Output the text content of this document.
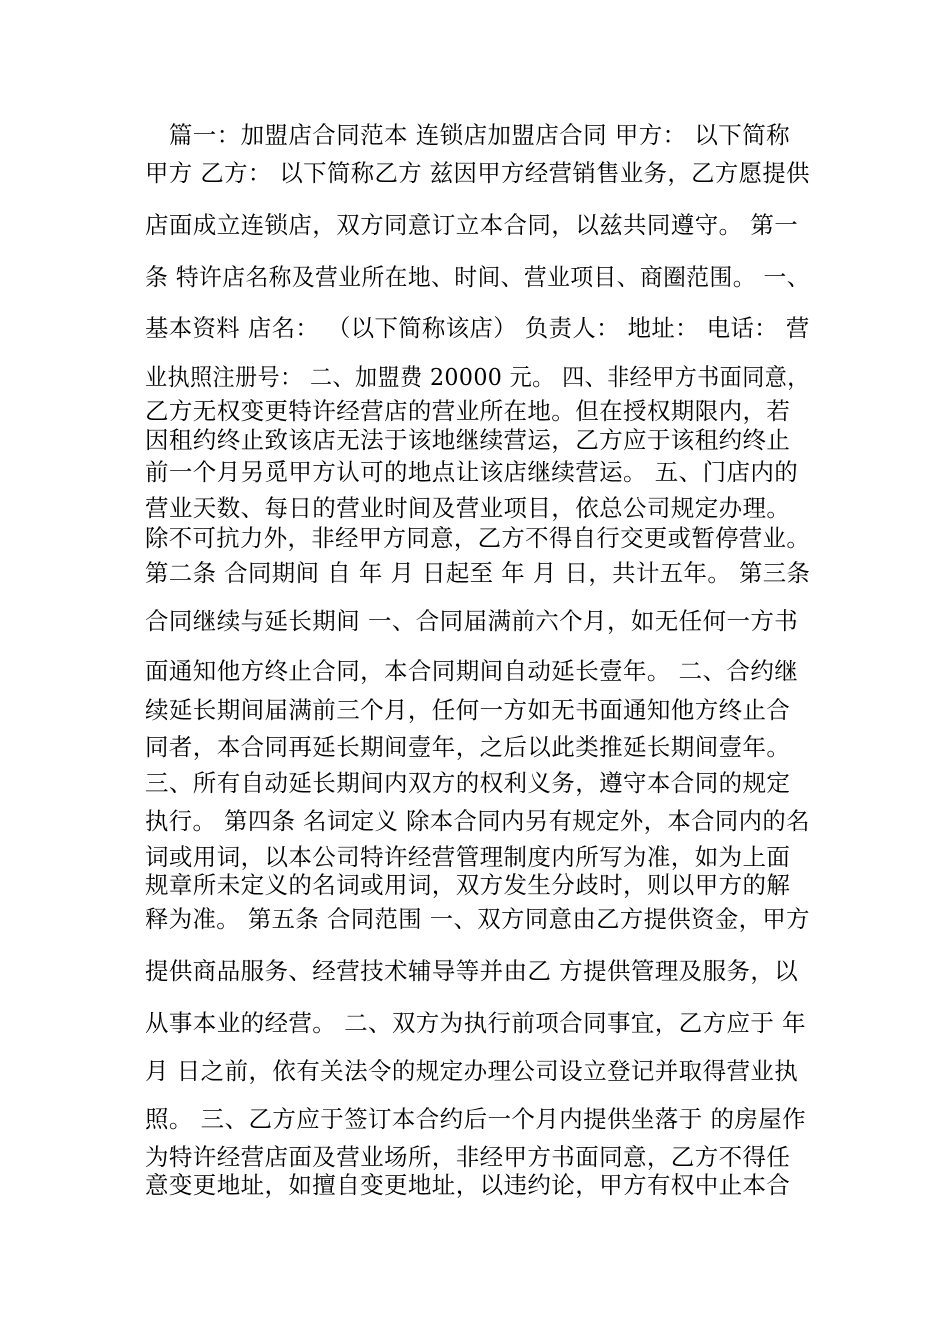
　篇一：加盟店合同范本 连锁店加盟店合同 甲方： 以下简称
甲方 乙方： 以下简称乙方 兹因甲方经营销售业务，乙方愿提供
店面成立连锁店，双方同意订立本合同，以兹共同遵守。 第一
条 特许店名称及营业所在地、时间、营业项目、商圈范围。 一、
基本资料 店名： （以下简称该店） 负责人： 地址： 电话： 营
业执照注册号： 二、加盟费 20000 元。 四、非经甲方书面同意，
乙方无权变更特许经营店的营业所在地。但在授权期限内，若
因租约终止致该店无法于该地继续营运，乙方应于该租约终止
前一个月另觅甲方认可的地点让该店继续营运。 五、门店内的
营业天数、每日的营业时间及营业项目，依总公司规定办理。
除不可抗力外，非经甲方同意，乙方不得自行交更或暂停营业。
第二条 合同期间 自 年 月 日起至 年 月 日，共计五年。 第三条
合同继续与延长期间 一、合同届满前六个月，如无任何一方书
面通知他方终止合同，本合同期间自动延长壹年。 二、合约继
续延长期间届满前三个月，任何一方如无书面通知他方终止合
同者，本合同再延长期间壹年，之后以此类推延长期间壹年。
三、所有自动延长期间内双方的权利义务，遵守本合同的规定
执行。 第四条 名词定义 除本合同内另有规定外，本合同内的名
词或用词，以本公司特许经营管理制度内所写为准，如为上面
规章所未定义的名词或用词，双方发生分歧时，则以甲方的解
释为准。 第五条 合同范围 一、双方同意由乙方提供资金，甲方
提供商品服务、经营技术辅导等并由乙 方提供管理及服务，以
从事本业的经营。 二、双方为执行前项合同事宜，乙方应于 年
月 日之前，依有关法令的规定办理公司设立登记并取得营业执
照。 三、乙方应于签订本合约后一个月内提供坐落于 的房屋作
为特许经营店面及营业场所，非经甲方书面同意，乙方不得任
意变更地址，如擅自变更地址，以违约论，甲方有权中止本合
